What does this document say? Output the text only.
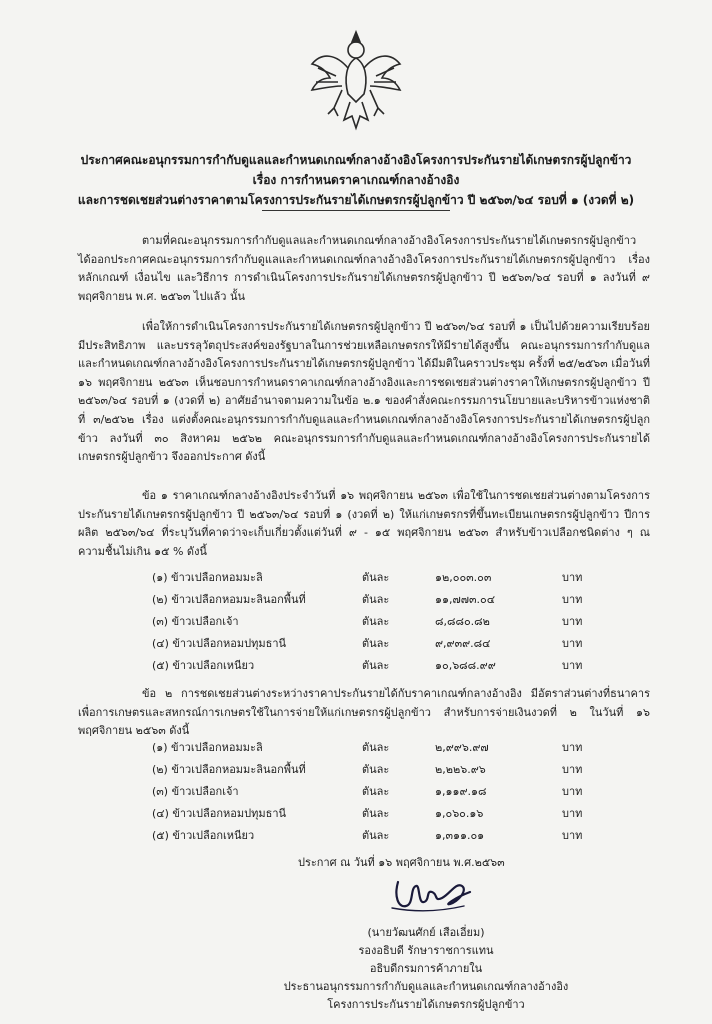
ประกาศคณะอนุกรรมการกำกับดูแลและกำหนดเกณฑ์กลางอ้างอิงโครงการประกันรายได้เกษตรกรผู้ปลูกข้าว
เรื่อง การกำหนดราคาเกณฑ์กลางอ้างอิง
และการชดเชยส่วนต่างราคาตามโครงการประกันรายได้เกษตรกรผู้ปลูกข้าว ปี ๒๕๖๓/๖๔ รอบที่ ๑ (งวดที่ ๒)
ตามที่คณะอนุกรรมการกำกับดูแลและกำหนดเกณฑ์กลางอ้างอิงโครงการประกันรายได้เกษตรกรผู้ปลูกข้าว ได้ออกประกาศคณะอนุกรรมการกำกับดูแลและกำหนดเกณฑ์กลางอ้างอิงโครงการประกันรายได้เกษตรกรผู้ปลูกข้าว เรื่อง หลักเกณฑ์ เงื่อนไข และวิธีการ การดำเนินโครงการประกันรายได้เกษตรกรผู้ปลูกข้าว ปี ๒๕๖๓/๖๔ รอบที่ ๑ ลงวันที่ ๙ พฤศจิกายน พ.ศ. ๒๕๖๓ ไปแล้ว นั้น
เพื่อให้การดำเนินโครงการประกันรายได้เกษตรกรผู้ปลูกข้าว ปี ๒๕๖๓/๖๔ รอบที่ ๑ เป็นไปด้วยความเรียบร้อย มีประสิทธิภาพ และบรรลุวัตถุประสงค์ของรัฐบาลในการช่วยเหลือเกษตรกรให้มีรายได้สูงขึ้น คณะอนุกรรมการกำกับดูแลและกำหนดเกณฑ์กลางอ้างอิงโครงการประกันรายได้เกษตรกรผู้ปลูกข้าว ได้มีมติในคราวประชุม ครั้งที่ ๒๕/๒๕๖๓ เมื่อวันที่ ๑๖ พฤศจิกายน ๒๕๖๓ เห็นชอบการกำหนดราคาเกณฑ์กลางอ้างอิงและการชดเชยส่วนต่างราคาให้เกษตรกรผู้ปลูกข้าว ปี ๒๕๖๓/๖๔ รอบที่ ๑ (งวดที่ ๒) อาศัยอำนาจตามความในข้อ ๒.๑ ของคำสั่งคณะกรรมการนโยบายและบริหารข้าวแห่งชาติ ที่ ๓/๒๕๖๒ เรื่อง แต่งตั้งคณะอนุกรรมการกำกับดูแลและกำหนดเกณฑ์กลางอ้างอิงโครงการประกันรายได้เกษตรกรผู้ปลูกข้าว ลงวันที่ ๓๐ สิงหาคม ๒๕๖๒ คณะอนุกรรมการกำกับดูแลและกำหนดเกณฑ์กลางอ้างอิงโครงการประกันรายได้เกษตรกรผู้ปลูกข้าว จึงออกประกาศ ดังนี้
ข้อ ๑ ราคาเกณฑ์กลางอ้างอิงประจำวันที่ ๑๖ พฤศจิกายน ๒๕๖๓ เพื่อใช้ในการชดเชยส่วนต่างตามโครงการประกันรายได้เกษตรกรผู้ปลูกข้าว ปี ๒๕๖๓/๖๔ รอบที่ ๑ (งวดที่ ๒) ให้แก่เกษตรกรที่ขึ้นทะเบียนเกษตรกรผู้ปลูกข้าว ปีการผลิต ๒๕๖๓/๖๔ ที่ระบุวันที่คาดว่าจะเก็บเกี่ยวตั้งแต่วันที่ ๙ - ๑๕ พฤศจิกายน ๒๕๖๓ สำหรับข้าวเปลือกชนิดต่าง ๆ ณ ความชื้นไม่เกิน ๑๕ % ดังนี้
(๑) ข้าวเปลือกหอมมะลิ	ตันละ	๑๒,๐๐๓.๐๓	บาท
(๒) ข้าวเปลือกหอมมะลินอกพื้นที่	ตันละ	๑๑,๗๗๓.๐๔	บาท
(๓) ข้าวเปลือกเจ้า	ตันละ	๘,๘๘๐.๘๒	บาท
(๔) ข้าวเปลือกหอมปทุมธานี	ตันละ	๙,๙๓๙.๘๔	บาท
(๕) ข้าวเปลือกเหนียว	ตันละ	๑๐,๖๘๘.๙๙	บาท
ข้อ ๒ การชดเชยส่วนต่างระหว่างราคาประกันรายได้กับราคาเกณฑ์กลางอ้างอิง มีอัตราส่วนต่างที่ธนาคารเพื่อการเกษตรและสหกรณ์การเกษตรใช้ในการจ่ายให้แก่เกษตรกรผู้ปลูกข้าว สำหรับการจ่ายเงินงวดที่ ๒ ในวันที่ ๑๖ พฤศจิกายน ๒๕๖๓ ดังนี้
(๑) ข้าวเปลือกหอมมะลิ	ตันละ	๒,๙๙๖.๙๗	บาท
(๒) ข้าวเปลือกหอมมะลินอกพื้นที่	ตันละ	๒,๒๒๖.๙๖	บาท
(๓) ข้าวเปลือกเจ้า	ตันละ	๑,๑๑๙.๑๘	บาท
(๔) ข้าวเปลือกหอมปทุมธานี	ตันละ	๑,๐๖๐.๑๖	บาท
(๕) ข้าวเปลือกเหนียว	ตันละ	๑,๓๑๑.๐๑	บาท
ประกาศ ณ วันที่ ๑๖ พฤศจิกายน พ.ศ.๒๕๖๓
(นายวัฒนศักย์ เสือเอี่ยม)
รองอธิบดี รักษาราชการแทน
อธิบดีกรมการค้าภายใน
ประธานอนุกรรมการกำกับดูแลและกำหนดเกณฑ์กลางอ้างอิง
โครงการประกันรายได้เกษตรกรผู้ปลูกข้าว
